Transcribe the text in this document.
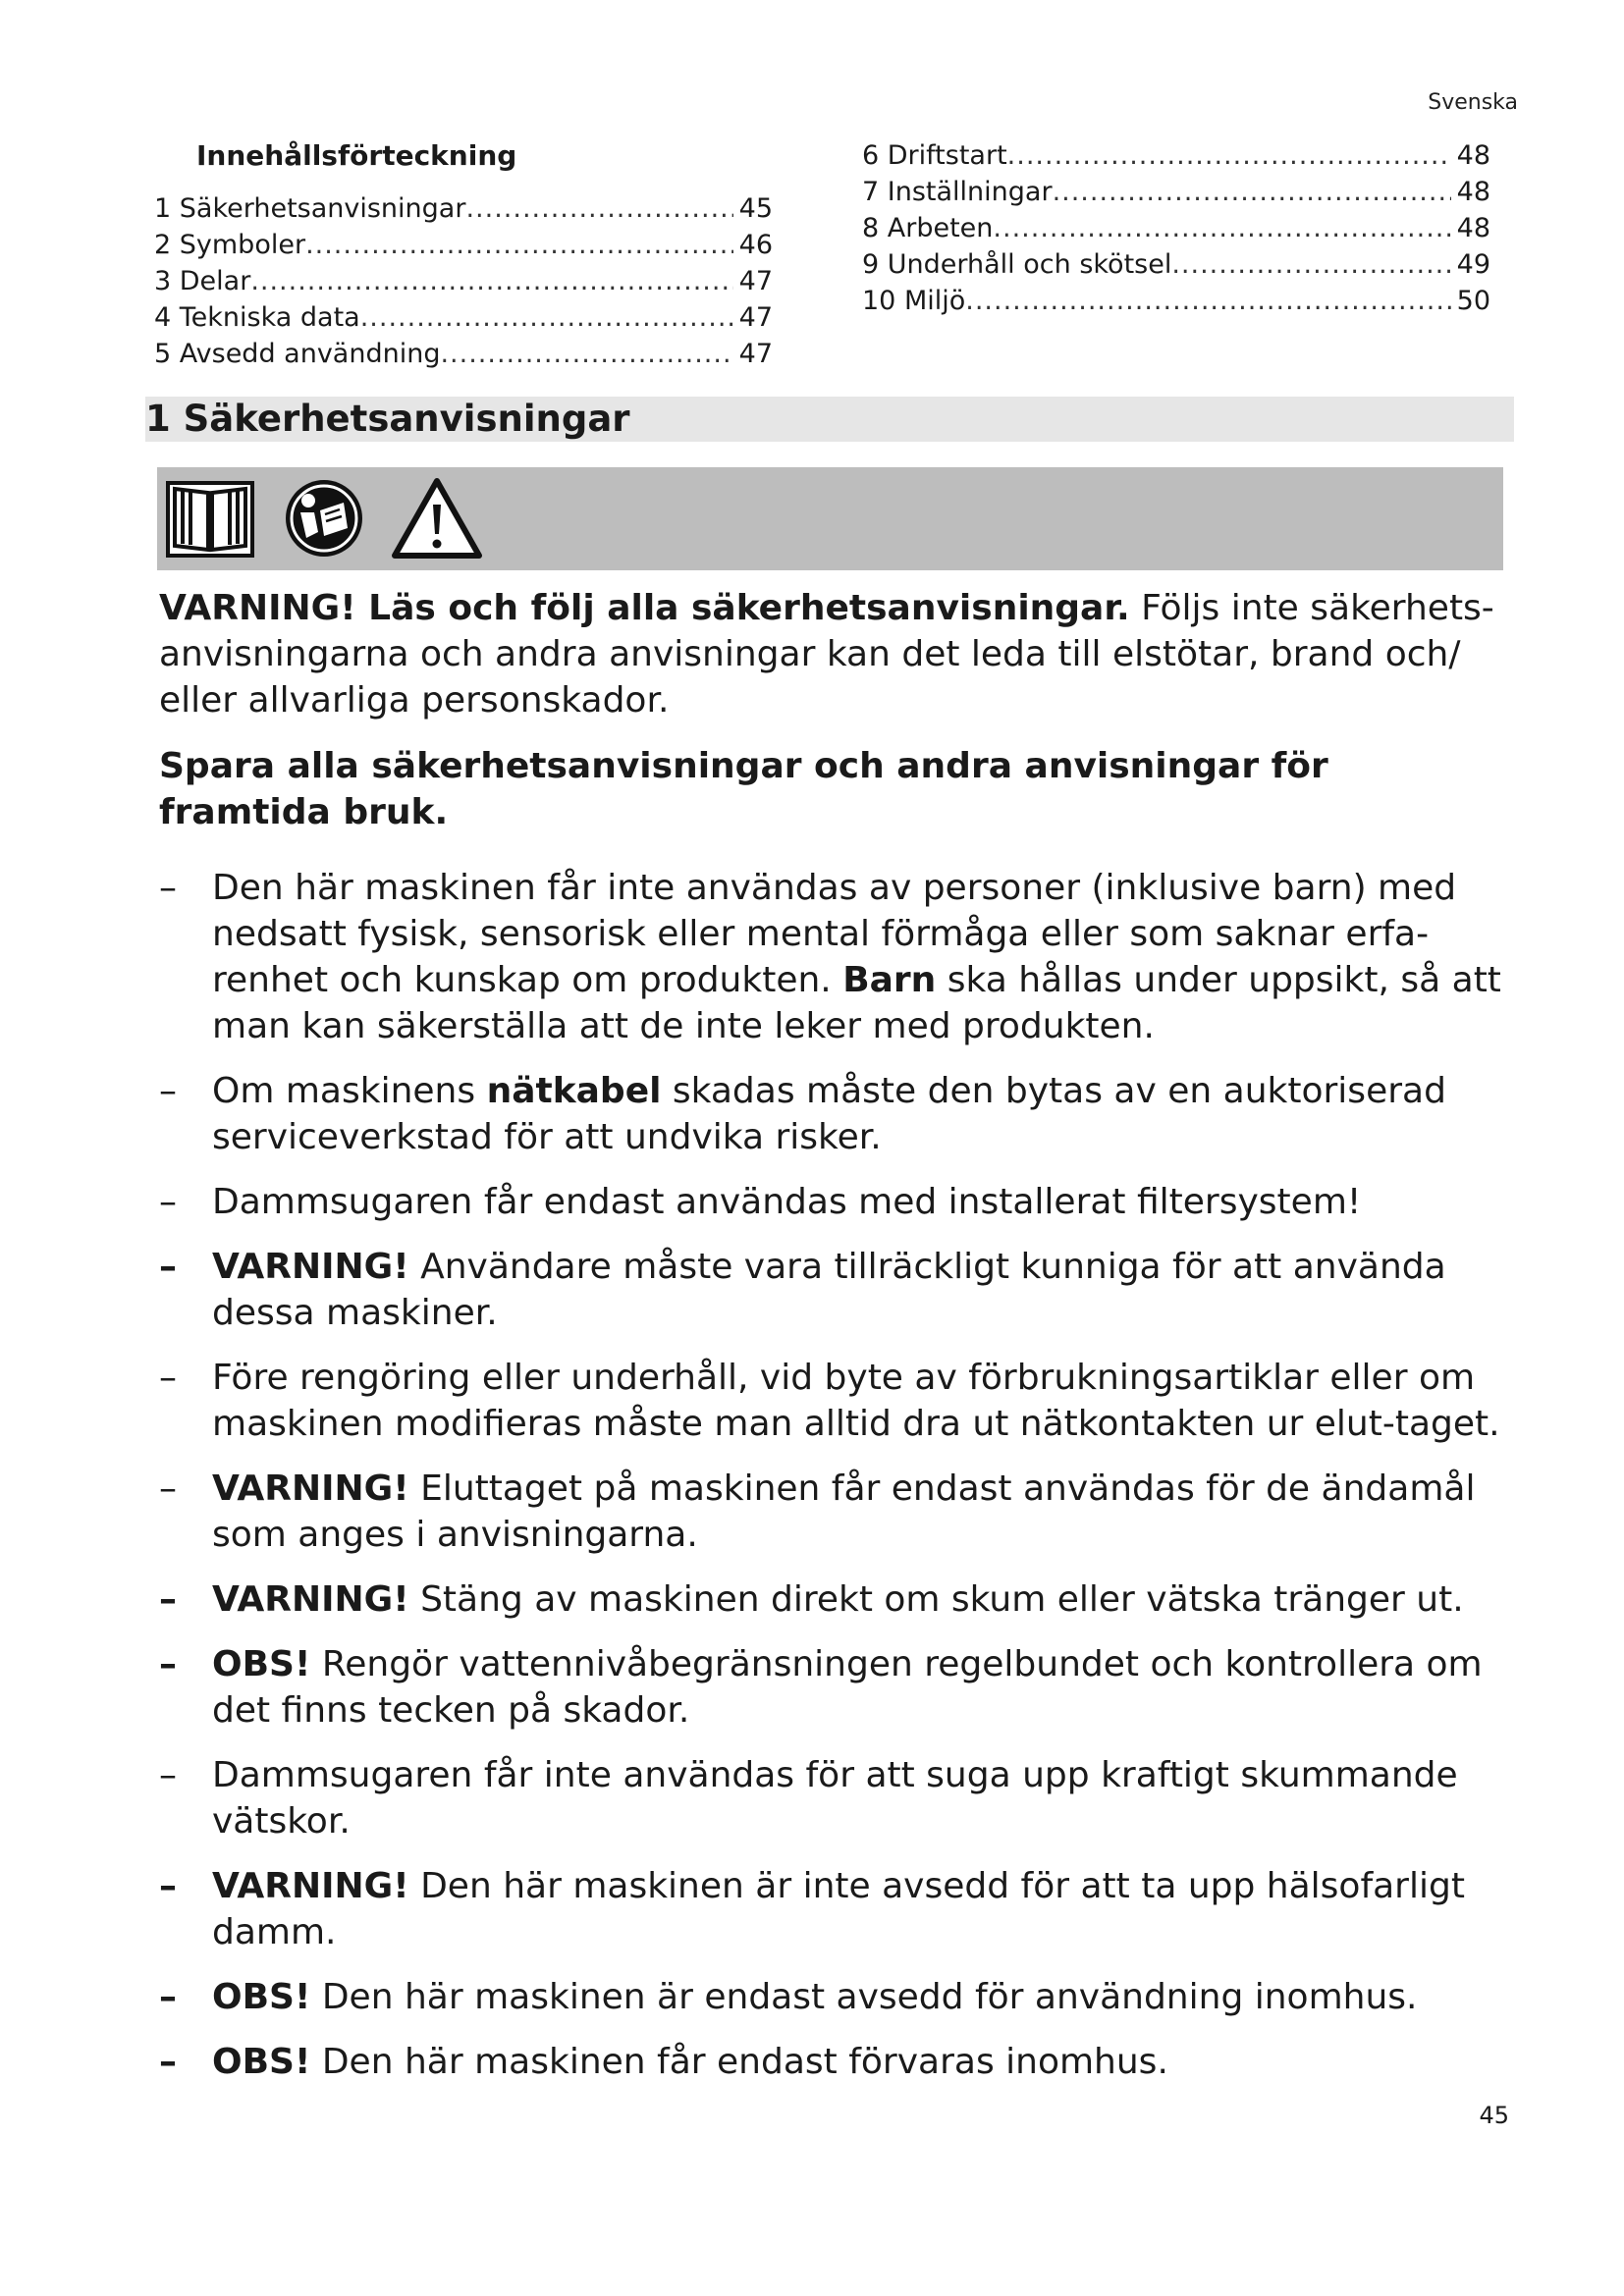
Svenska
Innehållsförteckning
1 Säkerhetsanvisningar .....	45
2 Symboler .....	46
3 Delar .....	47
4 Tekniska data .....	47
5 Avsedd användning .....	47
6 Driftstart .....	48
7 Inställningar .....	48
8 Arbeten .....	48
9 Underhåll och skötsel .....	49
10 Miljö .....	50
1 Säkerhetsanvisningar

VARNING! Läs och följ alla säkerhetsanvisningar. Följs inte säkerhets-anvisningarna och andra anvisningar kan det leda till elstötar, brand och/ eller allvarliga personskador.

Spara alla säkerhetsanvisningar och andra anvisningar för framtida bruk.

– Den här maskinen får inte användas av personer (inklusive barn) med nedsatt fysisk, sensorisk eller mental förmåga eller som saknar erfa-renhet och kunskap om produkten. Barn ska hållas under uppsikt, så att man kan säkerställa att de inte leker med produkten.
– Om maskinens nätkabel skadas måste den bytas av en auktoriserad serviceverkstad för att undvika risker.
– Dammsugaren får endast användas med installerat filtersystem!
– VARNING! Användare måste vara tillräckligt kunniga för att använda dessa maskiner.
– Före rengöring eller underhåll, vid byte av förbrukningsartiklar eller om maskinen modifieras måste man alltid dra ut nätkontakten ur elut-taget.
– VARNING! Eluttaget på maskinen får endast användas för de ändamål som anges i anvisningarna.
– VARNING! Stäng av maskinen direkt om skum eller vätska tränger ut.
– OBS! Rengör vattennivåbegränsningen regelbundet och kontrollera om det finns tecken på skador.
– Dammsugaren får inte användas för att suga upp kraftigt skummande vätskor.
– VARNING! Den här maskinen är inte avsedd för att ta upp hälsofarligt damm.
– OBS! Den här maskinen är endast avsedd för användning inomhus.
– OBS! Den här maskinen får endast förvaras inomhus.
45
